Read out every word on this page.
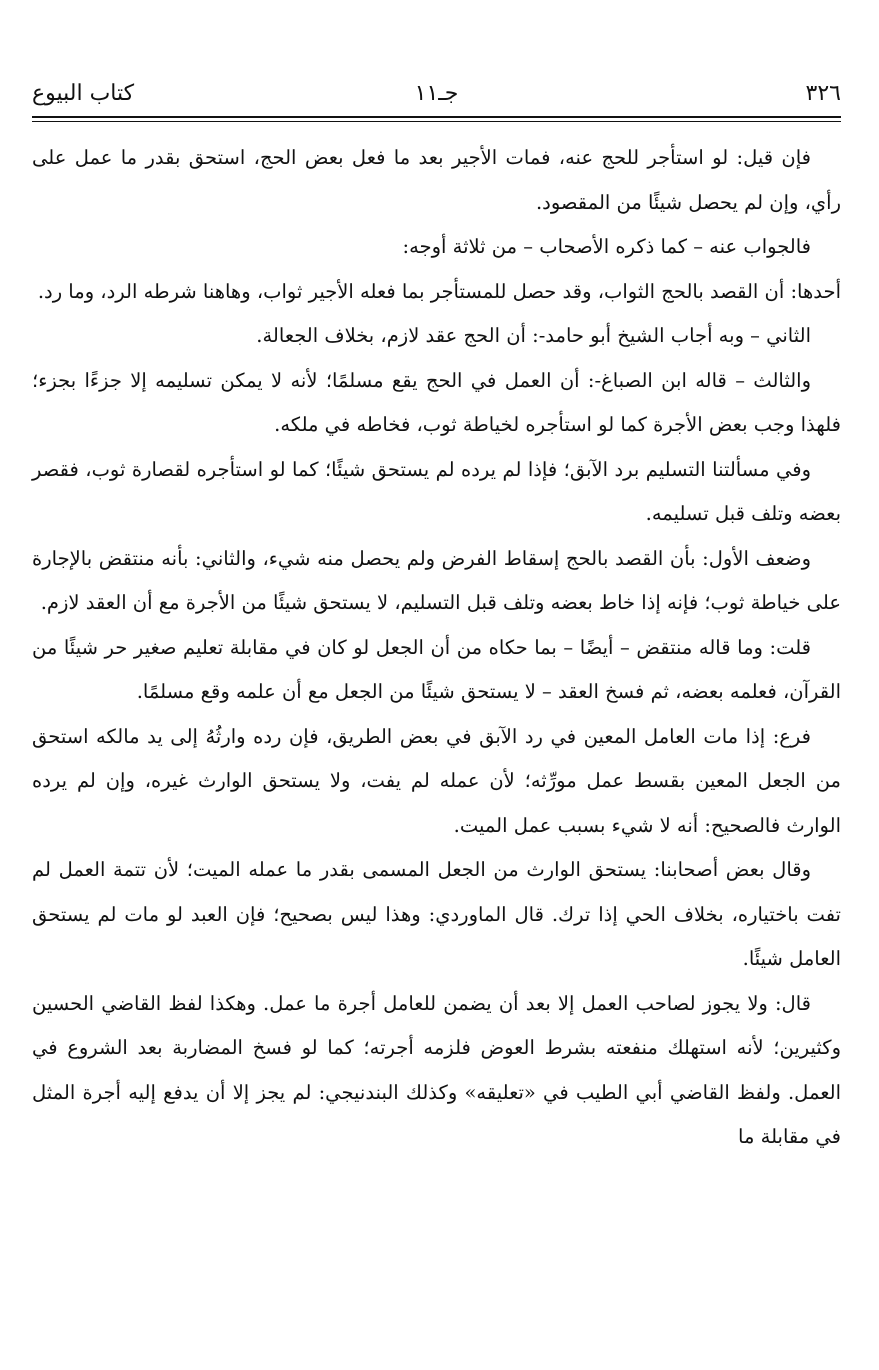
٣٢٦
جـ١١
كتاب البيوع

فإن قيل: لو استأجر للحج عنه، فمات الأجير بعد ما فعل بعض الحج، استحق بقدر ما عمل على رأي، وإن لم يحصل شيئًا من المقصود.

فالجواب عنه – كما ذكره الأصحاب – من ثلاثة أوجه:

أحدها: أن القصد بالحج الثواب، وقد حصل للمستأجر بما فعله الأجير ثواب، وهاهنا شرطه الرد، وما رد.

الثاني – وبه أجاب الشيخ أبو حامد-: أن الحج عقد لازم، بخلاف الجعالة.

والثالث – قاله ابن الصباغ-: أن العمل في الحج يقع مسلمًا؛ لأنه لا يمكن تسليمه إلا جزءًا بجزء؛ فلهذا وجب بعض الأجرة كما لو استأجره لخياطة ثوب، فخاطه في ملكه.

وفي مسألتنا التسليم برد الآبق؛ فإذا لم يرده لم يستحق شيئًا؛ كما لو استأجره لقصارة ثوب، فقصر بعضه وتلف قبل تسليمه.

وضعف الأول: بأن القصد بالحج إسقاط الفرض ولم يحصل منه شيء، والثاني: بأنه منتقض بالإجارة على خياطة ثوب؛ فإنه إذا خاط بعضه وتلف قبل التسليم، لا يستحق شيئًا من الأجرة مع أن العقد لازم.

قلت: وما قاله منتقض – أيضًا – بما حكاه من أن الجعل لو كان في مقابلة تعليم صغير حر شيئًا من القرآن، فعلمه بعضه، ثم فسخ العقد – لا يستحق شيئًا من الجعل مع أن علمه وقع مسلمًا.

فرع: إذا مات العامل المعين في رد الآبق في بعض الطريق، فإن رده وارثُهُ إلى يد مالكه استحق من الجعل المعين بقسط عمل مورِّثه؛ لأن عمله لم يفت، ولا يستحق الوارث غيره، وإن لم يرده الوارث فالصحيح: أنه لا شيء بسبب عمل الميت.

وقال بعض أصحابنا: يستحق الوارث من الجعل المسمى بقدر ما عمله الميت؛ لأن تتمة العمل لم تفت باختياره، بخلاف الحي إذا ترك. قال الماوردي: وهذا ليس بصحيح؛ فإن العبد لو مات لم يستحق العامل شيئًا.

قال: ولا يجوز لصاحب العمل إلا بعد أن يضمن للعامل أجرة ما عمل. وهكذا لفظ القاضي الحسين وكثيرين؛ لأنه استهلك منفعته بشرط العوض فلزمه أجرته؛ كما لو فسخ المضاربة بعد الشروع في العمل. ولفظ القاضي أبي الطيب في «تعليقه» وكذلك البندنيجي: لم يجز إلا أن يدفع إليه أجرة المثل في مقابلة ما
